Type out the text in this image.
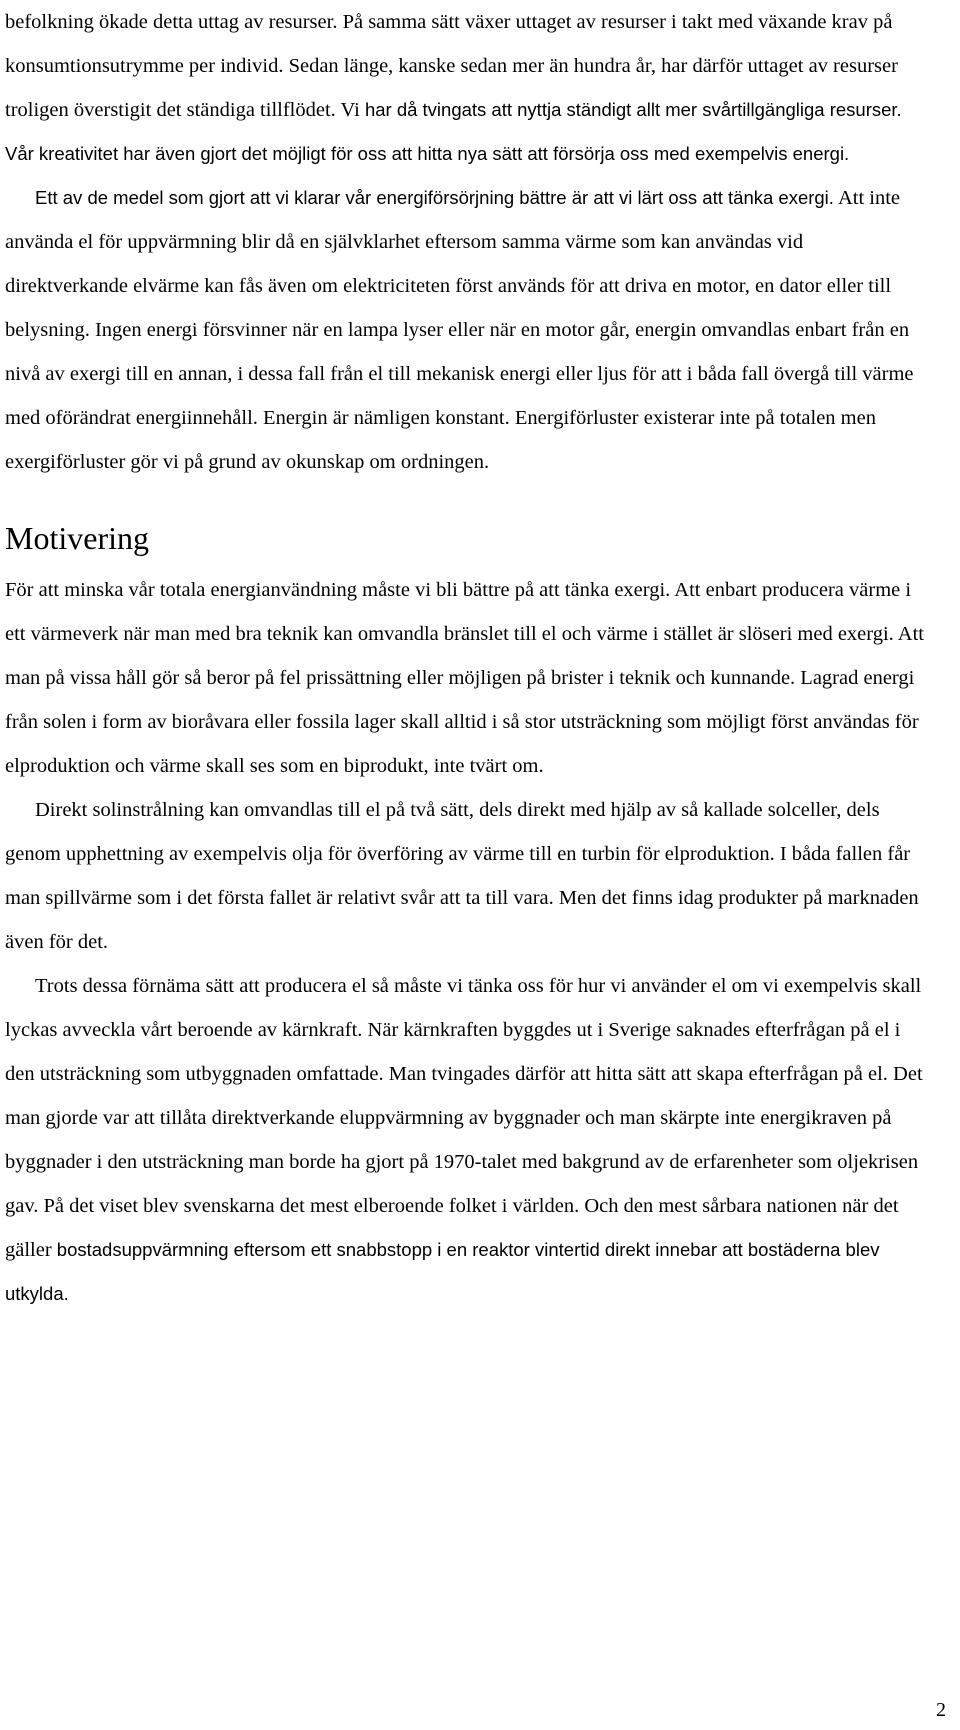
befolkning ökade detta uttag av resurser. På samma sätt växer uttaget av resurser i takt med växande krav på konsumtionsutrymme per individ. Sedan länge, kanske sedan mer än hundra år, har därför uttaget av resurser troligen överstigit det ständiga tillflödet. Vi har då tvingats att nyttja ständigt allt mer svårtillgängliga resurser. Vår kreativitet har även gjort det möjligt för oss att hitta nya sätt att försörja oss med exempelvis energi.

Ett av de medel som gjort att vi klarar vår energiförsörjning bättre är att vi lärt oss att tänka exergi. Att inte använda el för uppvärmning blir då en självklarhet eftersom samma värme som kan användas vid direktverkande elvärme kan fås även om elektriciteten först används för att driva en motor, en dator eller till belysning. Ingen energi försvinner när en lampa lyser eller när en motor går, energin omvandlas enbart från en nivå av exergi till en annan, i dessa fall från el till mekanisk energi eller ljus för att i båda fall övergå till värme med oförändrat energiinnehåll. Energin är nämligen konstant. Energiförluster existerar inte på totalen men exergiförluster gör vi på grund av okunskap om ordningen.

Motivering

För att minska vår totala energianvändning måste vi bli bättre på att tänka exergi. Att enbart producera värme i ett värmeverk när man med bra teknik kan omvandla bränslet till el och värme i stället är slöseri med exergi. Att man på vissa håll gör så beror på fel prissättning eller möjligen på brister i teknik och kunnande. Lagrad energi från solen i form av bioråvara eller fossila lager skall alltid i så stor utsträckning som möjligt först användas för elproduktion och värme skall ses som en biprodukt, inte tvärt om.

Direkt solinstrålning kan omvandlas till el på två sätt, dels direkt med hjälp av så kallade solceller, dels genom upphettning av exempelvis olja för överföring av värme till en turbin för elproduktion. I båda fallen får man spillvärme som i det första fallet är relativt svår att ta till vara. Men det finns idag produkter på marknaden även för det.

Trots dessa förnäma sätt att producera el så måste vi tänka oss för hur vi använder el om vi exempelvis skall lyckas avveckla vårt beroende av kärnkraft. När kärnkraften byggdes ut i Sverige saknades efterfrågan på el i den utsträckning som utbyggnaden omfattade. Man tvingades därför att hitta sätt att skapa efterfrågan på el. Det man gjorde var att tillåta direktverkande eluppvärmning av byggnader och man skärpte inte energikraven på byggnader i den utsträckning man borde ha gjort på 1970-talet med bakgrund av de erfarenheter som oljekrisen gav. På det viset blev svenskarna det mest elberoende folket i världen. Och den mest sårbara nationen när det gäller bostadsuppvärmning eftersom ett snabbstopp i en reaktor vintertid direkt innebar att bostäderna blev utkylda.

2
